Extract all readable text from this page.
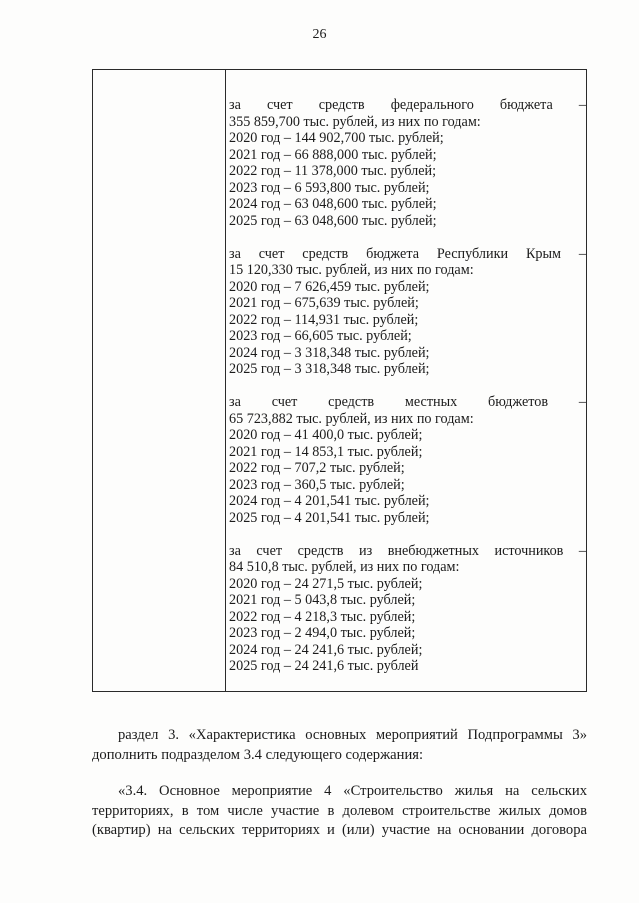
26
за счет средств федерального бюджета –
355 859,700 тыс. рублей, из них по годам:
2020 год – 144 902,700 тыс. рублей;
2021 год – 66 888,000 тыс. рублей;
2022 год – 11 378,000 тыс. рублей;
2023 год – 6 593,800 тыс. рублей;
2024 год – 63 048,600 тыс. рублей;
2025 год – 63 048,600 тыс. рублей;
за счет средств бюджета Республики Крым –
15 120,330 тыс. рублей, из них по годам:
2020 год – 7 626,459 тыс. рублей;
2021 год – 675,639 тыс. рублей;
2022 год – 114,931 тыс. рублей;
2023 год – 66,605 тыс. рублей;
2024 год – 3 318,348 тыс. рублей;
2025 год – 3 318,348 тыс. рублей;
за счет средств местных бюджетов –
65 723,882 тыс. рублей, из них по годам:
2020 год – 41 400,0 тыс. рублей;
2021 год – 14 853,1 тыс. рублей;
2022 год – 707,2 тыс. рублей;
2023 год – 360,5 тыс. рублей;
2024 год – 4 201,541 тыс. рублей;
2025 год – 4 201,541 тыс. рублей;
за счет средств из внебюджетных источников –
84 510,8 тыс. рублей, из них по годам:
2020 год – 24 271,5 тыс. рублей;
2021 год – 5 043,8 тыс. рублей;
2022 год – 4 218,3 тыс. рублей;
2023 год – 2 494,0 тыс. рублей;
2024 год – 24 241,6 тыс. рублей;
2025 год – 24 241,6 тыс. рублей
раздел 3. «Характеристика основных мероприятий Подпрограммы 3» дополнить подразделом 3.4 следующего содержания:
«3.4. Основное мероприятие 4 «Строительство жилья на сельских территориях, в том числе участие в долевом строительстве жилых домов (квартир) на сельских территориях и (или) участие на основании договора
